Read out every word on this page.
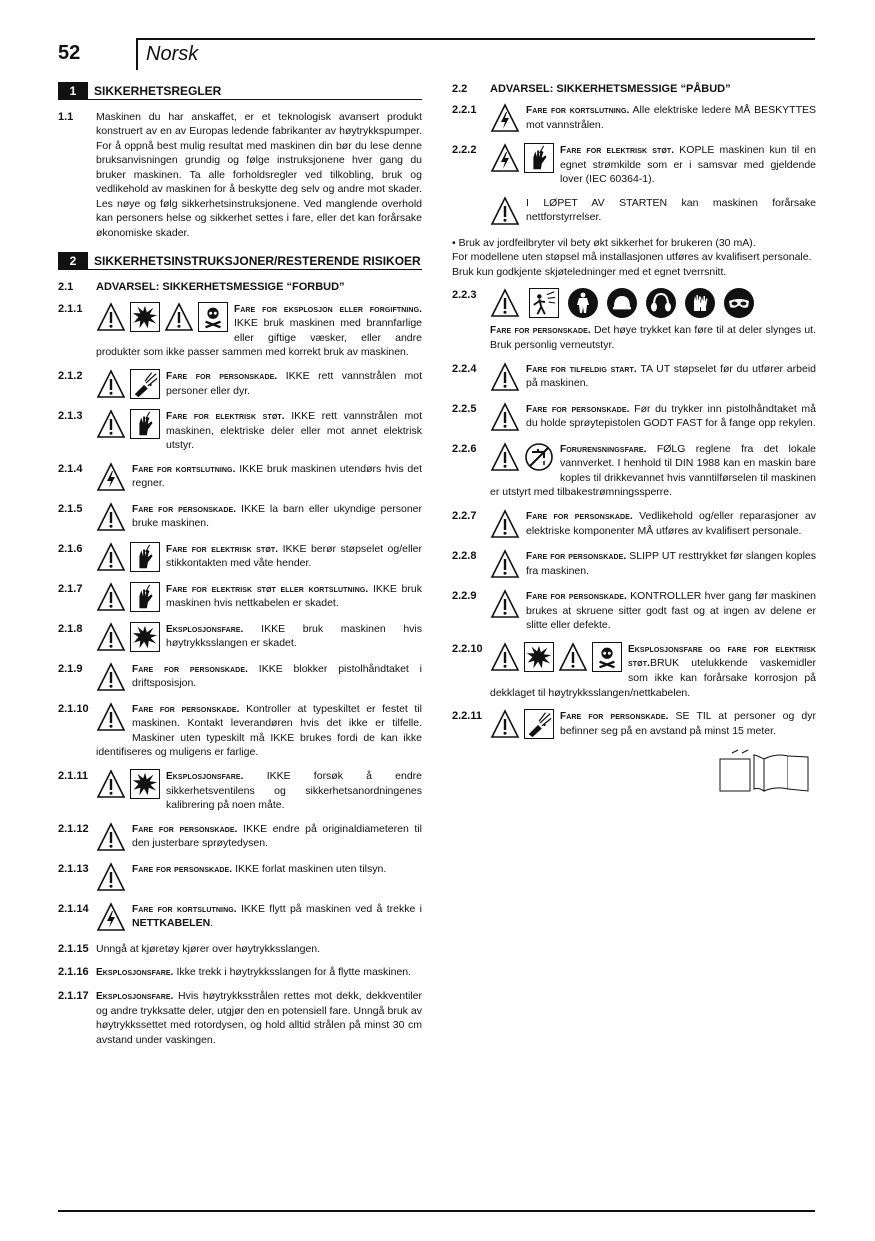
52	Norsk
1	SIKKERHETSREGLER
1.1 Maskinen du har anskaffet, er et teknologisk avansert produkt konstruert av en av Europas ledende fabrikanter av høytrykkspumper. For å oppnå best mulig resultat med maskinen din bør du lese denne bruksanvisningen grundig og følge instruksjonene hver gang du bruker maskinen. Ta alle forholdsregler ved tilkobling, bruk og vedlikehold av maskinen for å beskytte deg selv og andre mot skader. Les nøye og følg sikkerhetsinstruksjonene. Ved manglende overhold kan personers helse og sikkerhet settes i fare, eller det kan forårsake økonomiske skader.
2	SIKKERHETSINSTRUKSJONER/RESTERENDE RISIKOER
2.1	ADVARSEL: SIKKERHETSMESSIGE “FORBUD”
2.1.1	Fare for eksplosjon eller forgiftning. IKKE bruk maskinen med brannfarlige eller giftige væsker, eller andre produkter som ikke passer sammen med korrekt bruk av maskinen.
2.1.2	Fare for personskade. IKKE rett vannstrålen mot personer eller dyr.
2.1.3	Fare for elektrisk støt. IKKE rett vannstrålen mot maskinen, elektriske deler eller mot annet elektrisk utstyr.
2.1.4	Fare for kortslutning. IKKE bruk maskinen utendørs hvis det regner.
2.1.5	Fare for personskade. IKKE la barn eller ukyndige personer bruke maskinen.
2.1.6	Fare for elektrisk støt. IKKE berør støpselet og/eller stikkontakten med våte hender.
2.1.7	Fare for elektrisk støt eller kortslutning. IKKE bruk maskinen hvis nettkabelen er skadet.
2.1.8	Eksplosjonsfare. IKKE bruk maskinen hvis høytrykksslangen er skadet.
2.1.9	Fare for personskade. IKKE blokker pistolhåndtaket i driftsposisjon.
2.1.10	Fare for personskade. Kontroller at typeskiltet er festet til maskinen. Kontakt leverandøren hvis det ikke er tilfelle. Maskiner uten typeskilt må IKKE brukes fordi de kan ikke identifiseres og muligens er farlige.
2.1.11	Eksplosjonsfare. IKKE forsøk å endre sikkerhetsventilens og sikkerhetsanordningenes kalibrering på noen måte.
2.1.12	Fare for personskade. IKKE endre på originaldiameteren til den justerbare sprøytedysen.
2.1.13	Fare for personskade. IKKE forlat maskinen uten tilsyn.
2.1.14	Fare for kortslutning. IKKE flytt på maskinen ved å trekke i NETTKABELEN.
2.1.15 Unngå at kjøretøy kjører over høytrykksslangen.
2.1.16 Eksplosjonsfare. Ikke trekk i høytrykksslangen for å flytte maskinen.
2.1.17 Eksplosjonsfare. Hvis høytrykksstrålen rettes mot dekk, dekkventiler og andre trykksatte deler, utgjør den en potensiell fare. Unngå bruk av høytrykkssettet med rotordysen, og hold alltid strålen på minst 30 cm avstand under vaskingen.
2.2	ADVARSEL: SIKKERHETSMESSIGE “PÅBUD”
2.2.1	Fare for kortslutning. Alle elektriske ledere MÅ BESKYTTES mot vannstrålen.
2.2.2	Fare for elektrisk støt. KOPLE maskinen kun til en egnet strømkilde som er i samsvar med gjeldende lover (IEC 60364-1).
I LØPET AV STARTEN kan maskinen forårsake nettforstyrrelser.
• Bruk av jordfeilbryter vil bety økt sikkerhet for brukeren (30 mA).
For modellene uten støpsel må installasjonen utføres av kvalifisert personale.
Bruk kun godkjente skjøteledninger med et egnet tverrsnitt.
2.2.3
Fare for personskade. Det høye trykket kan føre til at deler slynges ut. Bruk personlig verneutstyr.
2.2.4	Fare for tilfeldig start. TA UT støpselet før du utfører arbeid på maskinen.
2.2.5	Fare for personskade. Før du trykker inn pistolhåndtaket må du holde sprøytepistolen GODT FAST for å fange opp rekylen.
2.2.6	Forurensningsfare. FØLG reglene fra det lokale vannverket. I henhold til DIN 1988 kan en maskin bare koples til drikkevannet hvis vanntilførselen til maskinen er utstyrt med tilbakestrømningssperre.
2.2.7	Fare for personskade. Vedlikehold og/eller reparasjoner av elektriske komponenter MÅ utføres av kvalifisert personale.
2.2.8	Fare for personskade. SLIPP UT resttrykket før slangen koples fra maskinen.
2.2.9	Fare for personskade. KONTROLLER hver gang før maskinen brukes at skruene sitter godt fast og at ingen av delene er slitte eller defekte.
2.2.10	Eksplosjonsfare og fare for elektrisk støt.BRUK utelukkende vaskemidler som ikke kan forårsake korrosjon på dekklaget til høytrykksslangen/nettkabelen.
2.2.11	Fare for personskade. SE TIL at personer og dyr befinner seg på en avstand på minst 15 meter.
